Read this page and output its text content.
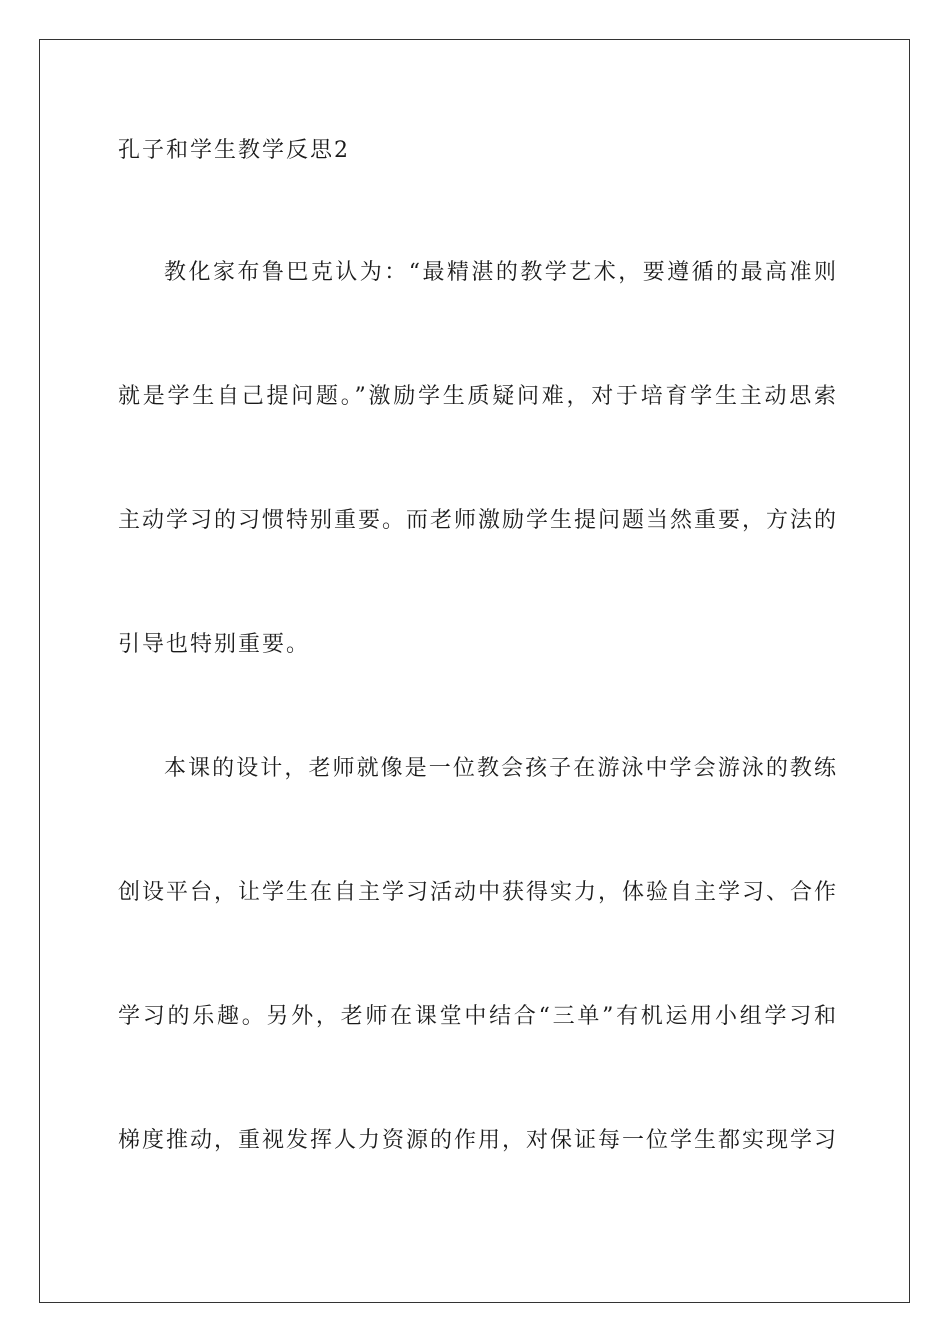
孔子和学生教学反思2
教化家布鲁巴克认为：“最精湛的教学艺术，要遵循的最高准则
就是学生自己提问题。”激励学生质疑问难，对于培育学生主动思索
主动学习的习惯特别重要。而老师激励学生提问题当然重要，方法的
引导也特别重要。
本课的设计，老师就像是一位教会孩子在游泳中学会游泳的教练
创设平台，让学生在自主学习活动中获得实力，体验自主学习、合作
学习的乐趣。另外，老师在课堂中结合“三单”有机运用小组学习和
梯度推动，重视发挥人力资源的作用，对保证每一位学生都实现学习
